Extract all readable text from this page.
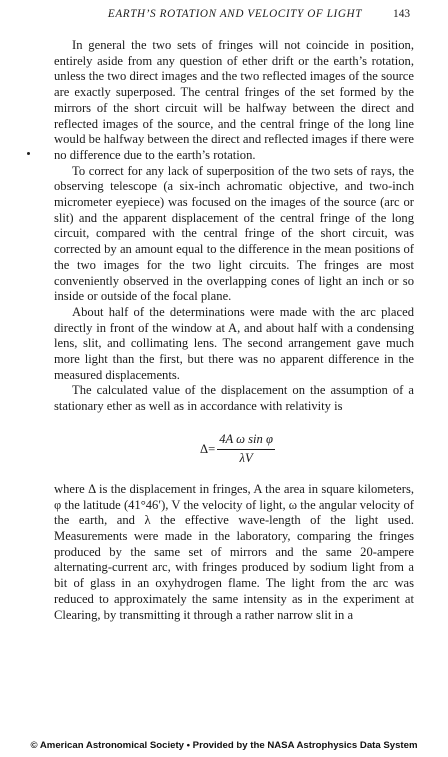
EARTH’S ROTATION AND VELOCITY OF LIGHT	143

In general the two sets of fringes will not coincide in position, entirely aside from any question of ether drift or the earth’s rotation, unless the two direct images and the two reflected images of the source are exactly superposed. The central fringes of the set formed by the mirrors of the short circuit will be halfway between the direct and reflected images of the source, and the central fringe of the long line would be halfway between the direct and reflected images if there were no difference due to the earth’s rotation.

To correct for any lack of superposition of the two sets of rays, the observing telescope (a six-inch achromatic objective, and two-inch micrometer eyepiece) was focused on the images of the source (arc or slit) and the apparent displacement of the central fringe of the long circuit, compared with the central fringe of the short circuit, was corrected by an amount equal to the difference in the mean positions of the two images for the two light circuits. The fringes are most conveniently observed in the overlapping cones of light an inch or so inside or outside of the focal plane.

About half of the determinations were made with the arc placed directly in front of the window at A, and about half with a condensing lens, slit, and collimating lens. The second arrangement gave much more light than the first, but there was no apparent difference in the measured displacements.

The calculated value of the displacement on the assumption of a stationary ether as well as in accordance with relativity is

$\Delta= \frac{\text{4A ω sin φ}}{\lambda V}$

where Δ is the displacement in fringes, A the area in square kilometers, φ the latitude (41°46′), V the velocity of light, ω the angular velocity of the earth, and λ the effective wave-length of the light used. Measurements were made in the laboratory, comparing the fringes produced by the same set of mirrors and the same 20-ampere alternating-current arc, with fringes produced by sodium light from a bit of glass in an oxyhydrogen flame. The light from the arc was reduced to approximately the same intensity as in the experiment at Clearing, by transmitting it through a rather narrow slit in a

© American Astronomical Society • Provided by the NASA Astrophysics Data System
